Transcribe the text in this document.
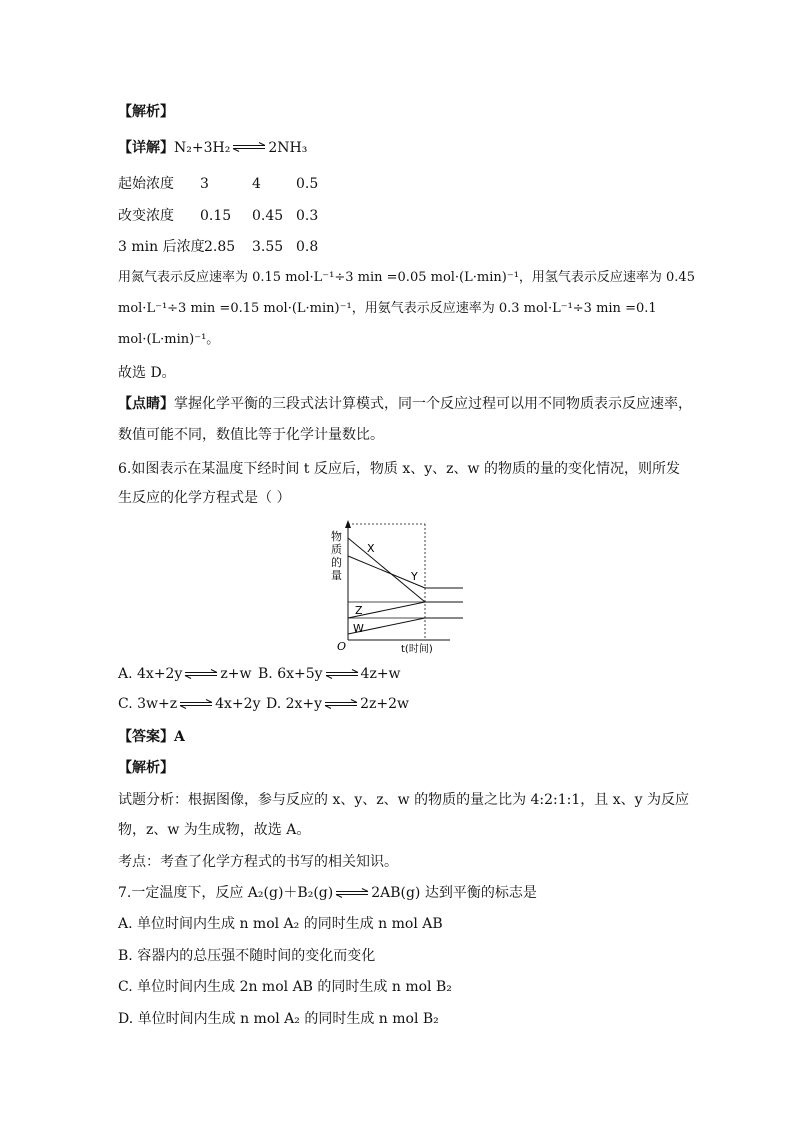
【解析】
【详解】 N₂+3H₂	2NH₃
起始浓度 3	4	0.5
改变浓度 0.15 0.45 0.3
3 min 后浓度2.85 3.55 0.8
用氮气表示反应速率为 0.15 mol·L⁻¹÷3 min =0.05 mol·(L·min)⁻¹，用氢气表示反应速率为 0.45
mol·L⁻¹÷3 min =0.15 mol·(L·min)⁻¹，用氨气表示反应速率为 0.3 mol·L⁻¹÷3 min =0.1
mol·(L·min)⁻¹。
故选 D。
【点睛】掌握化学平衡的三段式法计算模式，同一个反应过程可以用不同物质表示反应速率，
数值可能不同，数值比等于化学计量数比。
6.如图表示在某温度下经时间 t 反应后，物质 x、y、z、w 的物质的量的变化情况，则所发
生反应的化学方程式是（ ）
物
质
的
量
X
Y
Z
W
O	t(时间)
A. 4x+2y	z+w B. 6x+5y	4z+w
C. 3w+z	4x+2y D. 2x+y	2z+2w
【答案】A
【解析】
试题分析：根据图像，参与反应的 x、y、z、w 的物质的量之比为 4:2:1:1，且 x、y 为反应
物，z、w 为生成物，故选 A。
考点：考查了化学方程式的书写的相关知识。
7.一定温度下，反应 A₂(g)＋B₂(g)	2AB(g) 达到平衡的标志是
A. 单位时间内生成 n mol A₂ 的同时生成 n mol AB
B. 容器内的总压强不随时间的变化而变化
C. 单位时间内生成 2n mol AB 的同时生成 n mol B₂
D. 单位时间内生成 n mol A₂ 的同时生成 n mol B₂
